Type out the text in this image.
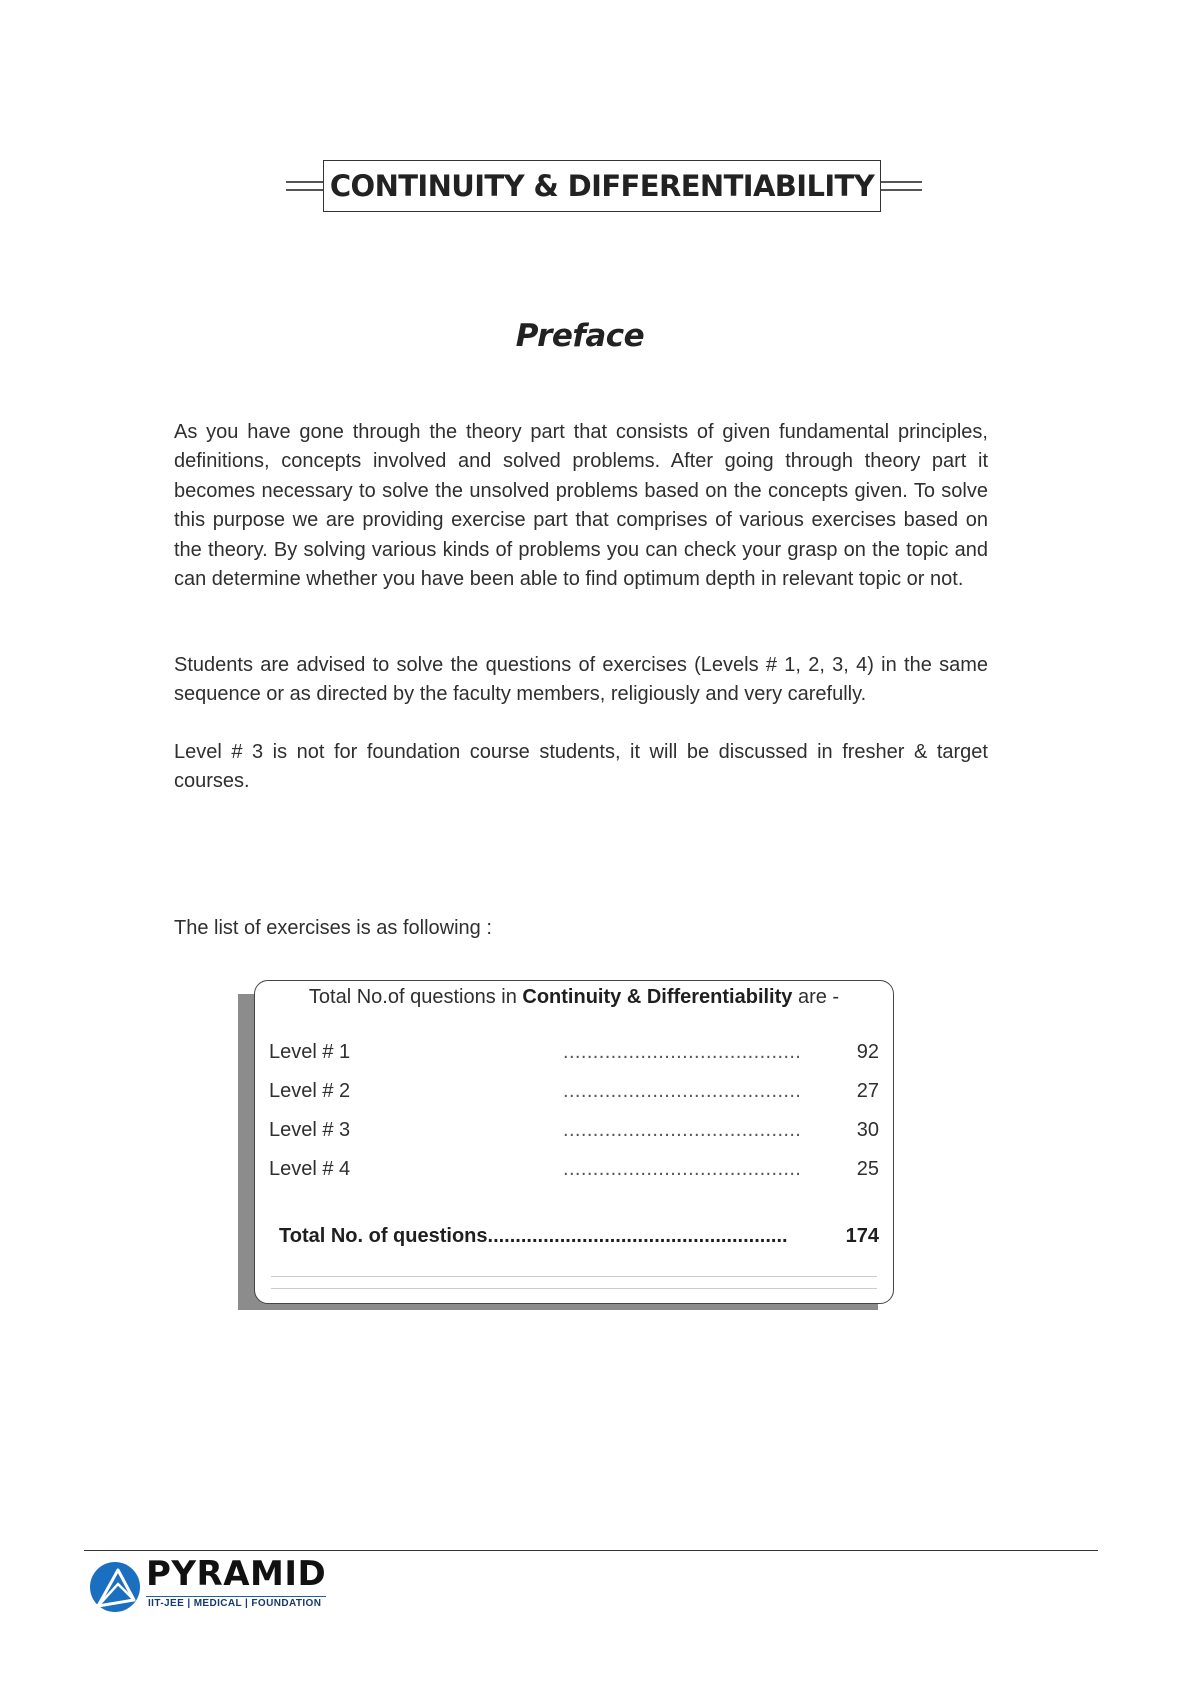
CONTINUITY & DIFFERENTIABILITY
Preface
As you have gone through the theory part that consists of given fundamental principles, definitions, concepts involved and solved problems. After going through theory part it becomes necessary to solve the unsolved problems based on the concepts given. To solve this purpose we are providing exercise part that comprises of various exercises based on the theory. By solving various kinds of problems you can check your grasp on the topic and can determine whether you have been able to find optimum depth in relevant topic or not.
Students are advised to solve the questions of exercises (Levels # 1, 2, 3, 4) in the same sequence or as directed by the faculty members, religiously and very carefully.
Level # 3 is not for foundation course students, it will be discussed in fresher & target courses.
The list of exercises is as following :
Total No.of questions in Continuity & Differentiability are -
Level # 1	........................................	92
Level # 2	........................................	27
Level # 3	........................................	30
Level # 4	........................................	25
Total No. of questions......................................................	174
PYRAMID
IIT-JEE | MEDICAL | FOUNDATION
